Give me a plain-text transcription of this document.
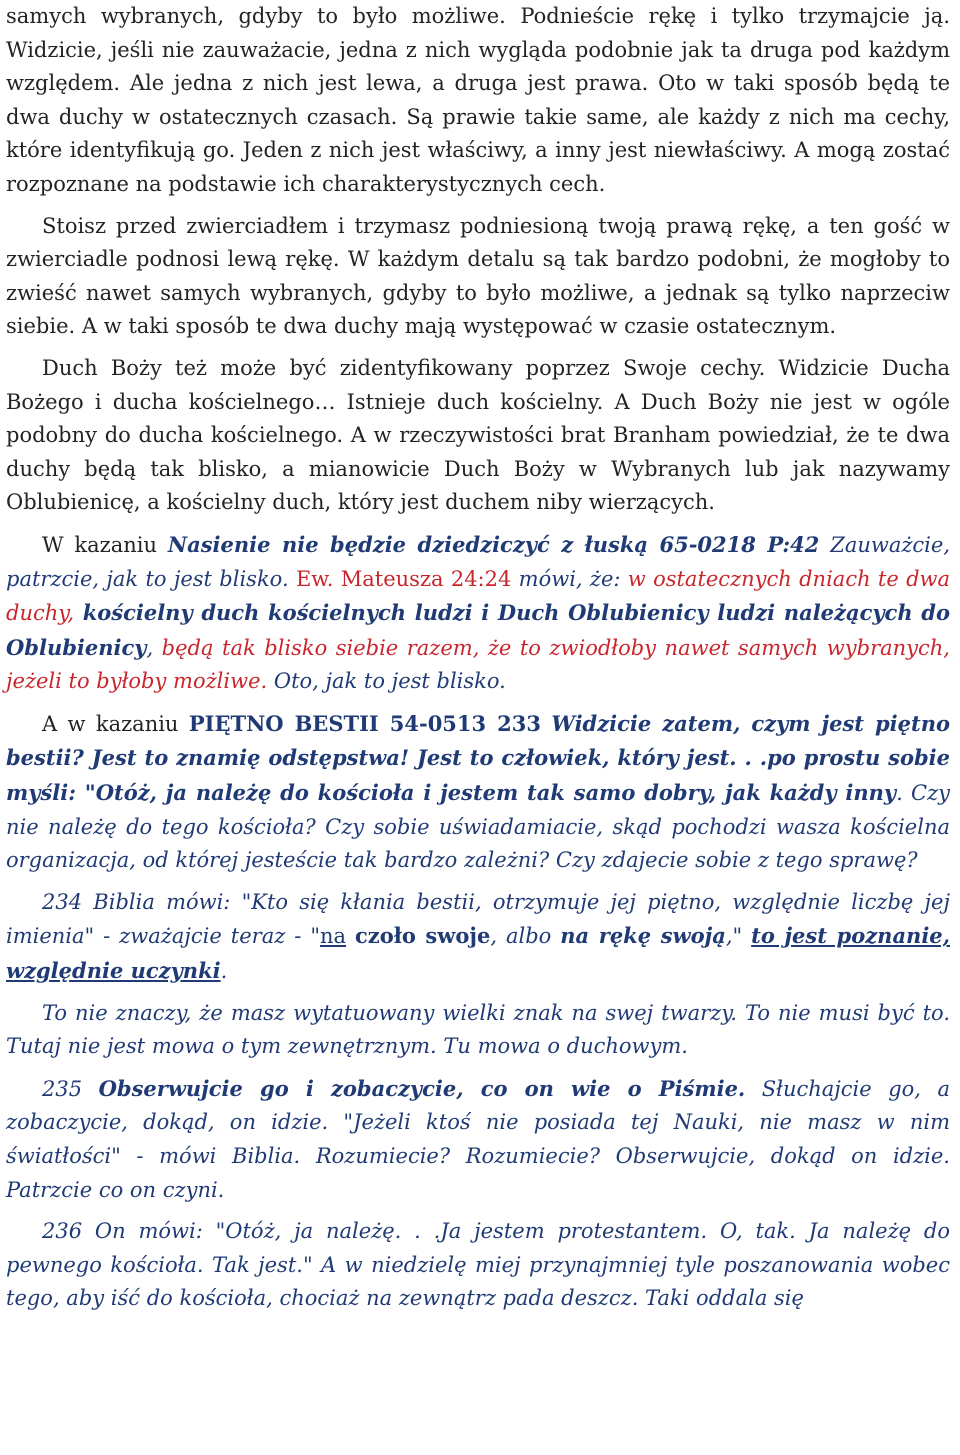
samych wybranych, gdyby to było możliwe. Podnieście rękę i tylko trzymajcie ją. Widzicie, jeśli nie zauważacie, jedna z nich wygląda podobnie jak ta druga pod każdym względem. Ale jedna z nich jest lewa, a druga jest prawa. Oto w taki sposób będą te dwa duchy w ostatecznych czasach. Są prawie takie same, ale każdy z nich ma cechy, które identyfikują go. Jeden z nich jest właściwy, a inny jest niewłaściwy. A mogą zostać rozpoznane na podstawie ich charakterystycznych cech.

Stoisz przed zwierciadłem i trzymasz podniesioną twoją prawą rękę, a ten gość w zwierciadle podnosi lewą rękę. W każdym detalu są tak bardzo podobni, że mogłoby to zwieść nawet samych wybranych, gdyby to było możliwe, a jednak są tylko naprzeciw siebie. A w taki sposób te dwa duchy mają występować w czasie ostatecznym.

Duch Boży też może być zidentyfikowany poprzez Swoje cechy. Widzicie Ducha Bożego i ducha kościelnego… Istnieje duch kościelny. A Duch Boży nie jest w ogóle podobny do ducha kościelnego. A w rzeczywistości brat Branham powiedział, że te dwa duchy będą tak blisko, a mianowicie Duch Boży w Wybranych lub jak nazywamy Oblubienicę, a kościelny duch, który jest duchem niby wierzących.

W kazaniu Nasienie nie będzie dziedziczyć z łuską 65-0218 P:42 Zauważcie, patrzcie, jak to jest blisko. Ew. Mateusza 24:24 mówi, że: w ostatecznych dniach te dwa duchy, kościelny duch kościelnych ludzi i Duch Oblubienicy ludzi należących do Oblubienicy, będą tak blisko siebie razem, że to zwiodłoby nawet samych wybranych, jeżeli to byłoby możliwe. Oto, jak to jest blisko.

A w kazaniu PIĘTNO BESTII 54-0513 233 Widzicie zatem, czym jest piętno bestii? Jest to znamię odstępstwa! Jest to człowiek, który jest. . .po prostu sobie myśli: "Otóż, ja należę do kościoła i jestem tak samo dobry, jak każdy inny. Czy nie należę do tego kościoła? Czy sobie uświadamiacie, skąd pochodzi wasza kościelna organizacja, od której jesteście tak bardzo zależni? Czy zdajecie sobie z tego sprawę?

234 Biblia mówi: "Kto się kłania bestii, otrzymuje jej piętno, względnie liczbę jej imienia" - zważajcie teraz - "na czoło swoje, albo na rękę swoją," to jest poznanie, względnie uczynki.

To nie znaczy, że masz wytatuowany wielki znak na swej twarzy. To nie musi być to. Tutaj nie jest mowa o tym zewnętrznym. Tu mowa o duchowym.

235 Obserwujcie go i zobaczycie, co on wie o Piśmie. Słuchajcie go, a zobaczycie, dokąd, on idzie. "Jeżeli ktoś nie posiada tej Nauki, nie masz w nim światłości" - mówi Biblia. Rozumiecie? Rozumiecie? Obserwujcie, dokąd on idzie. Patrzcie co on czyni.

236 On mówi: "Otóż, ja należę. . .Ja jestem protestantem. O, tak. Ja należę do pewnego kościoła. Tak jest." A w niedzielę miej przynajmniej tyle poszanowania wobec tego, aby iść do kościoła, chociaż na zewnątrz pada deszcz. Taki oddala się
